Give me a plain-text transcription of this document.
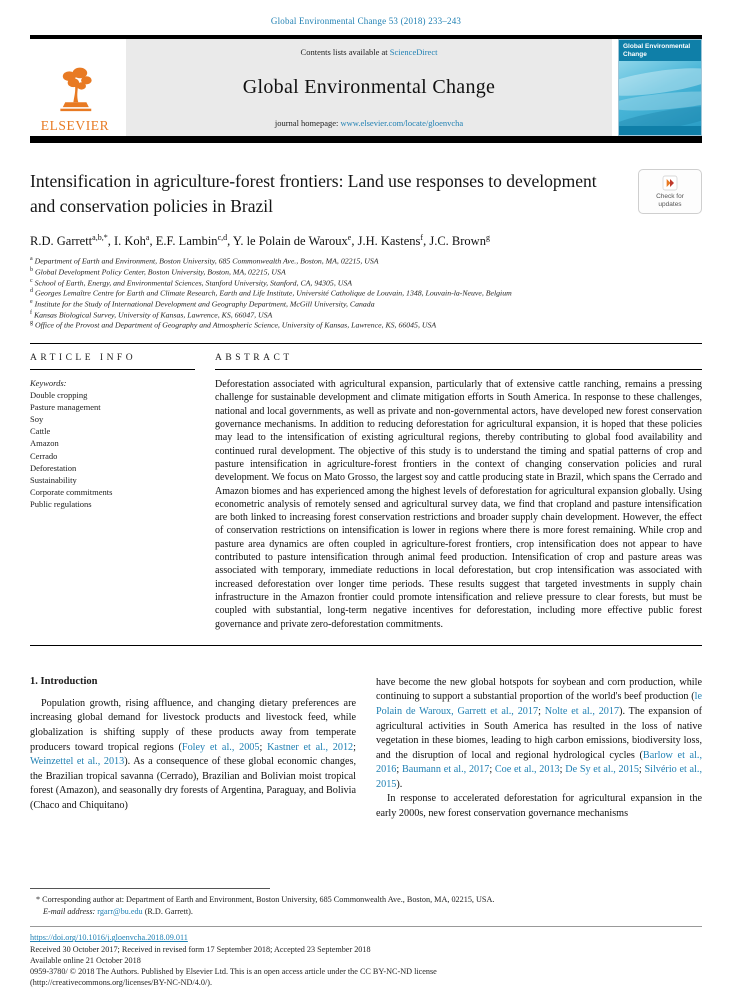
Global Environmental Change 53 (2018) 233–243
ELSEVIER
Contents lists available at ScienceDirect
Global Environmental Change
journal homepage: www.elsevier.com/locate/gloenvcha
Global Environmental Change
Intensification in agriculture-forest frontiers: Land use responses to development and conservation policies in Brazil	Check for updates
R.D. Garrett$^{a,b,*}$, I. Koh$^a$, E.F. Lambin$^{c,d}$, Y. le Polain de Waroux$^e$, J.H. Kastens$^f$, J.C. Brown$^g$
$^a$ Department of Earth and Environment, Boston University, 685 Commonwealth Ave., Boston, MA, 02215, USA
$^b$ Global Development Policy Center, Boston University, Boston, MA, 02215, USA
$^c$ School of Earth, Energy, and Environmental Sciences, Stanford University, Stanford, CA, 94305, USA
$^d$ Georges Lemaître Centre for Earth and Climate Research, Earth and Life Institute, Université Catholique de Louvain, 1348, Louvain-la-Neuve, Belgium
$^e$ Institute for the Study of International Development and Geography Department, McGill University, Canada
$^f$ Kansas Biological Survey, University of Kansas, Lawrence, KS, 66047, USA
$^g$ Office of the Provost and Department of Geography and Atmospheric Science, University of Kansas, Lawrence, KS, 66045, USA
ARTICLE INFO
Keywords:
Double cropping
Pasture management
Soy
Cattle
Amazon
Cerrado
Deforestation
Sustainability
Corporate commitments
Public regulations
ABSTRACT
Deforestation associated with agricultural expansion, particularly that of extensive cattle ranching, remains a pressing challenge for sustainable development and climate mitigation efforts in South America. In response to these challenges, national and local governments, as well as private and non-governmental actors, have developed new forest conservation governance mechanisms. In addition to reducing deforestation for agricultural expansion, it is hoped that these policies may lead to the intensification of existing agricultural regions, thereby contributing to global food availability and continued rural development. The objective of this study is to understand the timing and spatial patterns of crop and pasture intensification in agriculture-forest frontiers in the context of changing conservation policies and rural development. We focus on Mato Grosso, the largest soy and cattle producing state in Brazil, which spans the Cerrado and Amazon biomes and has experienced among the highest levels of deforestation for agricultural expansion globally. Using econometric analysis of remotely sensed and agricultural survey data, we find that cropland and pasture intensification are both linked to increasing forest conservation restrictions and broader supply chain development. However, the effect of conservation restrictions on intensification is lower in regions where there is more forest remaining. While crop and pasture area dynamics are often coupled in agriculture-forest frontiers, crop intensification does not appear to have contributed to pasture intensification through animal feed production. Intensification of crop and pasture areas was associated with temporary, immediate reductions in local deforestation, but crop intensification was associated with increased deforestation over longer time periods. These results suggest that targeted investments in supply chain infrastructure in the Amazon frontier could promote intensification and relieve pressure to clear forests, but must be coupled with substantial, long-term negative incentives for deforestation, including more effective public forest governance and private zero-deforestation commitments.
1. Introduction

Population growth, rising affluence, and changing dietary preferences are increasing global demand for livestock products and livestock feed, while globalization is shifting supply of these products away from temperate producers toward tropical regions (Foley et al., 2005; Kastner et al., 2012; Weinzettel et al., 2013). As a consequence of these global economic changes, the Brazilian tropical savanna (Cerrado), Brazilian and Bolivian moist tropical forest (Amazon), and seasonally dry forests of Argentina, Paraguay, and Bolivia (Chaco and Chiquitano)

have become the new global hotspots for soybean and corn production, while continuing to support a substantial proportion of the world's beef production (le Polain de Waroux, Garrett et al., 2017; Nolte et al., 2017). The expansion of agricultural activities in South America has resulted in the loss of native vegetation in these biomes, leading to high carbon emissions, biodiversity loss, and the disruption of local and regional hydrological cycles (Barlow et al., 2016; Baumann et al., 2017; Coe et al., 2013; De Sy et al., 2015; Silvério et al., 2015).

In response to accelerated deforestation for agricultural expansion in the early 2000s, new forest conservation governance mechanisms

* Corresponding author at: Department of Earth and Environment, Boston University, 685 Commonwealth Ave., Boston, MA, 02215, USA.
E-mail address: rgarr@bu.edu (R.D. Garrett).
https://doi.org/10.1016/j.gloenvcha.2018.09.011
Received 30 October 2017; Received in revised form 17 September 2018; Accepted 23 September 2018
Available online 21 October 2018
0959-3780/ © 2018 The Authors. Published by Elsevier Ltd. This is an open access article under the CC BY-NC-ND license
(http://creativecommons.org/licenses/BY-NC-ND/4.0/).
